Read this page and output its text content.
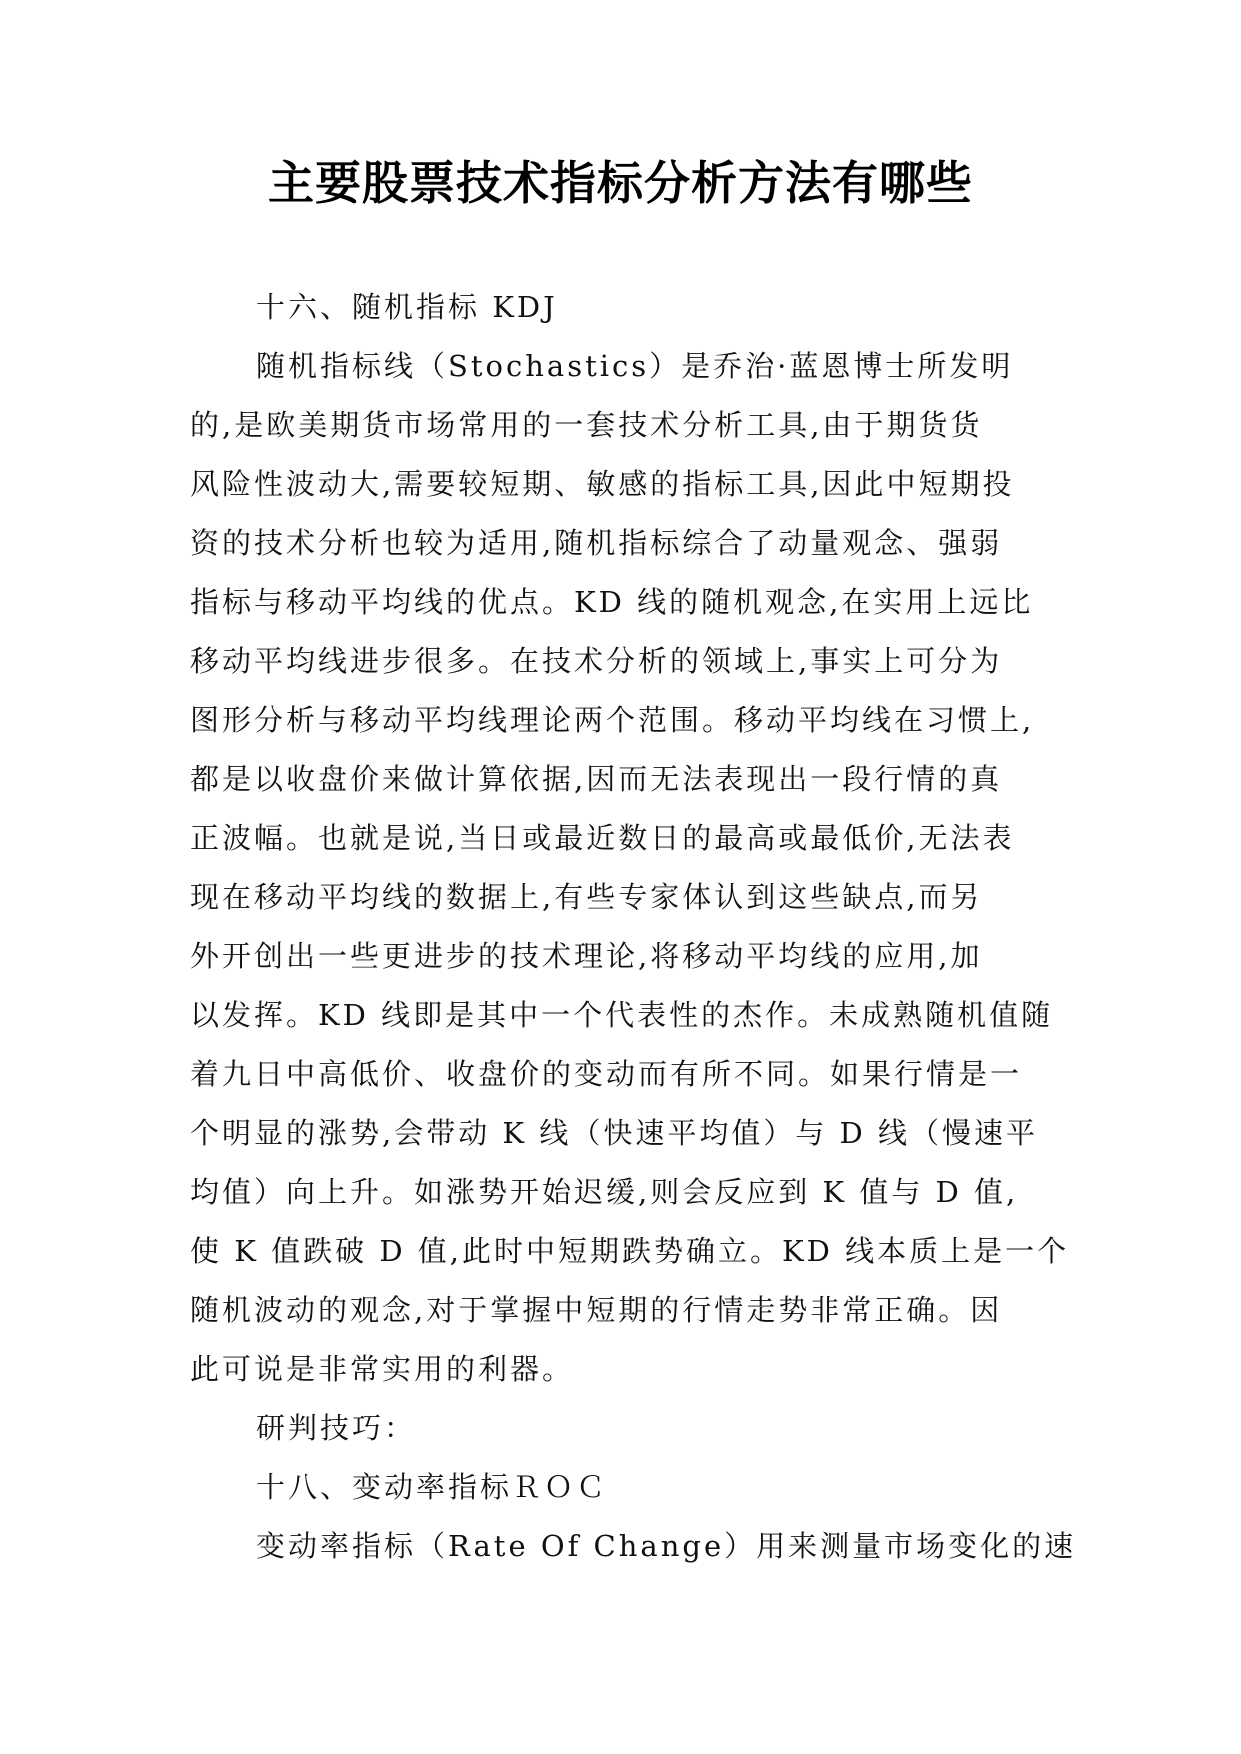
主要股票技术指标分析方法有哪些
十六、随机指标 KDJ
随机指标线（Stochastics）是乔治·蓝恩博士所发明
的,是欧美期货市场常用的一套技术分析工具,由于期货货
风险性波动大,需要较短期、敏感的指标工具,因此中短期投
资的技术分析也较为适用,随机指标综合了动量观念、强弱
指标与移动平均线的优点。KD 线的随机观念,在实用上远比
移动平均线进步很多。在技术分析的领域上,事实上可分为
图形分析与移动平均线理论两个范围。移动平均线在习惯上,
都是以收盘价来做计算依据,因而无法表现出一段行情的真
正波幅。也就是说,当日或最近数日的最高或最低价,无法表
现在移动平均线的数据上,有些专家体认到这些缺点,而另
外开创出一些更进步的技术理论,将移动平均线的应用,加
以发挥。KD 线即是其中一个代表性的杰作。未成熟随机值随
着九日中高低价、收盘价的变动而有所不同。如果行情是一
个明显的涨势,会带动 K 线（快速平均值）与 D 线（慢速平
均值）向上升。如涨势开始迟缓,则会反应到 K 值与 D 值,
使 K 值跌破 D 值,此时中短期跌势确立。KD 线本质上是一个
随机波动的观念,对于掌握中短期的行情走势非常正确。因
此可说是非常实用的利器。
研判技巧：
十八、变动率指标ＲＯＣ
变动率指标（Rate Of Change）用来测量市场变化的速
